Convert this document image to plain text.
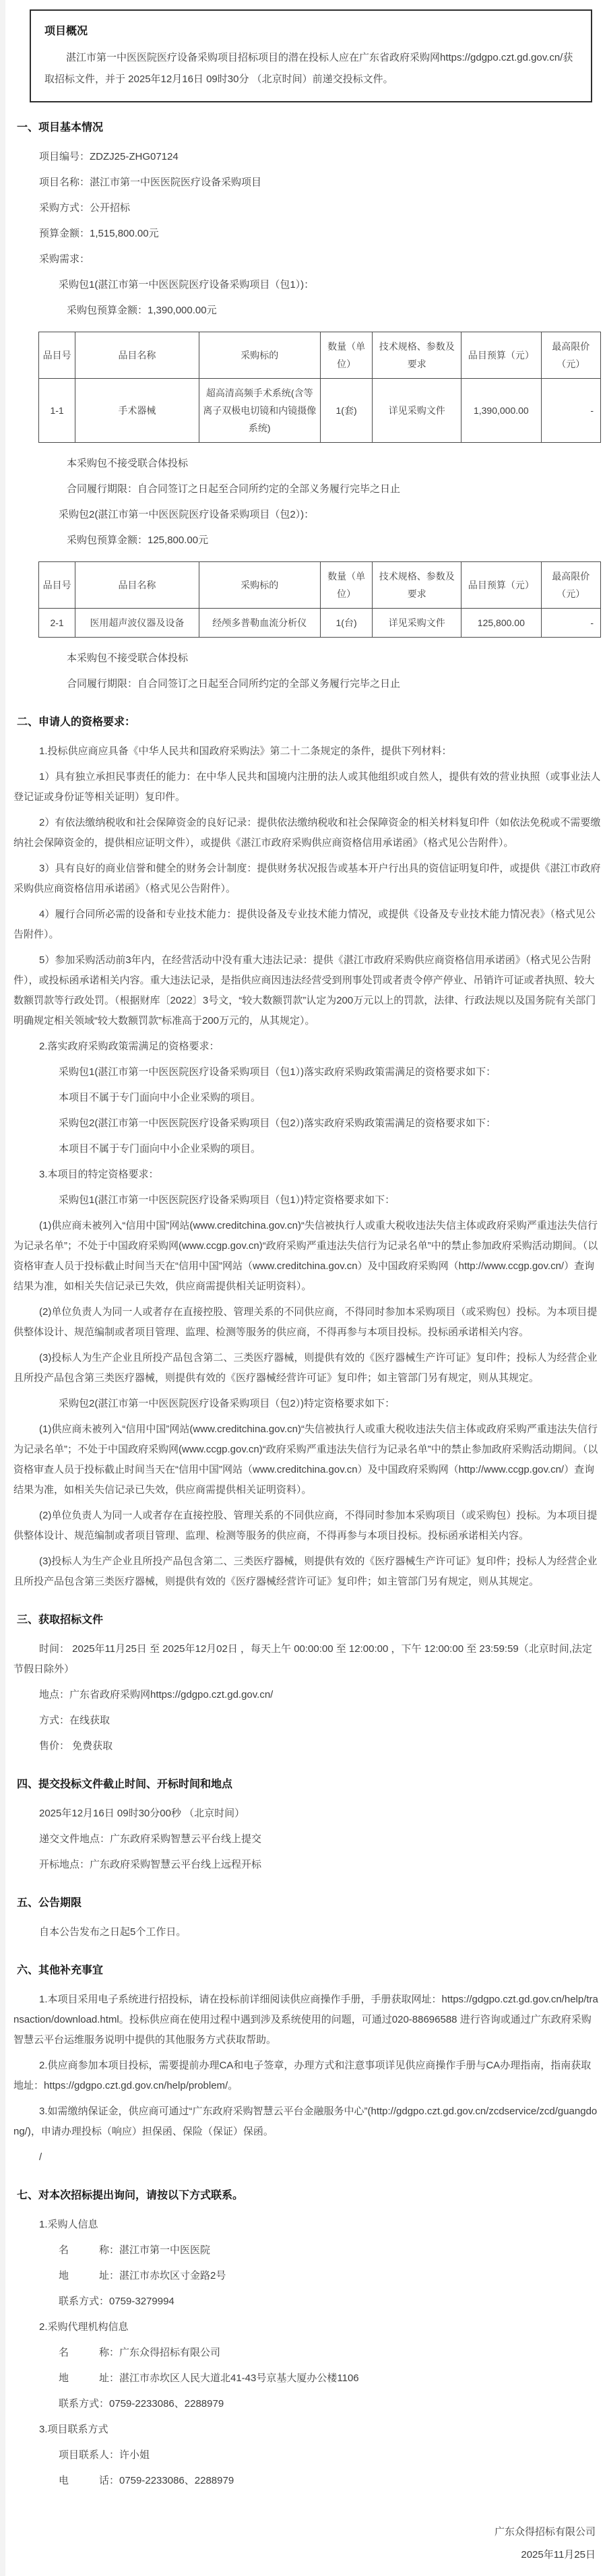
项目概况

湛江市第一中医医院医疗设备采购项目招标项目的潜在投标人应在广东省政府采购网https://gdgpo.czt.gd.gov.cn/获取招标文件，并于 2025年12月16日 09时30分 （北京时间）前递交投标文件。

一、项目基本情况

项目编号：ZDZJ25-ZHG07124

项目名称：湛江市第一中医医院医疗设备采购项目

采购方式：公开招标

预算金额：1,515,800.00元

采购需求：

采购包1(湛江市第一中医医院医疗设备采购项目（包1）)：

采购包预算金额：1,390,000.00元

品目号	品目名称	采购标的	数量（单位）	技术规格、参数及要求	品目预算（元）	最高限价（元）
1-1	手术器械	超高清高频手术系统(含等离子双极电切镜和内镜摄像系统)	1(套)	详见采购文件	1,390,000.00	-

本采购包不接受联合体投标

合同履行期限：自合同签订之日起至合同所约定的全部义务履行完毕之日止

采购包2(湛江市第一中医医院医疗设备采购项目（包2）)：

采购包预算金额：125,800.00元

品目号	品目名称	采购标的	数量（单位）	技术规格、参数及要求	品目预算（元）	最高限价（元）
2-1	医用超声波仪器及设备	经颅多普勒血流分析仪	1(台)	详见采购文件	125,800.00	-

本采购包不接受联合体投标

合同履行期限：自合同签订之日起至合同所约定的全部义务履行完毕之日止

二、申请人的资格要求：

1.投标供应商应具备《中华人民共和国政府采购法》第二十二条规定的条件，提供下列材料：

1）具有独立承担民事责任的能力：在中华人民共和国境内注册的法人或其他组织或自然人，提供有效的营业执照（或事业法人登记证或身份证等相关证明）复印件。

2）有依法缴纳税收和社会保障资金的良好记录：提供依法缴纳税收和社会保障资金的相关材料复印件（如依法免税或不需要缴纳社会保障资金的，提供相应证明文件），或提供《湛江市政府采购供应商资格信用承诺函》（格式见公告附件）。

3）具有良好的商业信誉和健全的财务会计制度：提供财务状况报告或基本开户行出具的资信证明复印件，或提供《湛江市政府采购供应商资格信用承诺函》（格式见公告附件）。

4）履行合同所必需的设备和专业技术能力：提供设备及专业技术能力情况，或提供《设备及专业技术能力情况表》（格式见公告附件）。

5）参加采购活动前3年内，在经营活动中没有重大违法记录：提供《湛江市政府采购供应商资格信用承诺函》（格式见公告附件），或投标函承诺相关内容。重大违法记录，是指供应商因违法经营受到刑事处罚或者责令停产停业、吊销许可证或者执照、较大数额罚款等行政处罚。（根据财库〔2022〕3号文，“较大数额罚款”认定为200万元以上的罚款，法律、行政法规以及国务院有关部门明确规定相关领域“较大数额罚款”标准高于200万元的，从其规定）。

2.落实政府采购政策需满足的资格要求：

采购包1(湛江市第一中医医院医疗设备采购项目（包1）)落实政府采购政策需满足的资格要求如下：

本项目不属于专门面向中小企业采购的项目。

采购包2(湛江市第一中医医院医疗设备采购项目（包2）)落实政府采购政策需满足的资格要求如下：

本项目不属于专门面向中小企业采购的项目。

3.本项目的特定资格要求：

采购包1(湛江市第一中医医院医疗设备采购项目（包1）)特定资格要求如下：

(1)供应商未被列入“信用中国”网站(www.creditchina.gov.cn)“失信被执行人或重大税收违法失信主体或政府采购严重违法失信行为记录名单”；不处于中国政府采购网(www.ccgp.gov.cn)“政府采购严重违法失信行为记录名单”中的禁止参加政府采购活动期间。（以资格审查人员于投标截止时间当天在“信用中国”网站（www.creditchina.gov.cn）及中国政府采购网（http://www.ccgp.gov.cn/）查询结果为准，如相关失信记录已失效，供应商需提供相关证明资料）。

(2)单位负责人为同一人或者存在直接控股、管理关系的不同供应商，不得同时参加本采购项目（或采购包）投标。为本项目提供整体设计、规范编制或者项目管理、监理、检测等服务的供应商，不得再参与本项目投标。投标函承诺相关内容。

(3)投标人为生产企业且所投产品包含第二、三类医疗器械，则提供有效的《医疗器械生产许可证》复印件；投标人为经营企业且所投产品包含第三类医疗器械，则提供有效的《医疗器械经营许可证》复印件；如主管部门另有规定，则从其规定。

采购包2(湛江市第一中医医院医疗设备采购项目（包2）)特定资格要求如下：

(1)供应商未被列入“信用中国”网站(www.creditchina.gov.cn)“失信被执行人或重大税收违法失信主体或政府采购严重违法失信行为记录名单”；不处于中国政府采购网(www.ccgp.gov.cn)“政府采购严重违法失信行为记录名单”中的禁止参加政府采购活动期间。（以资格审查人员于投标截止时间当天在“信用中国”网站（www.creditchina.gov.cn）及中国政府采购网（http://www.ccgp.gov.cn/）查询结果为准，如相关失信记录已失效，供应商需提供相关证明资料）。

(2)单位负责人为同一人或者存在直接控股、管理关系的不同供应商，不得同时参加本采购项目（或采购包）投标。为本项目提供整体设计、规范编制或者项目管理、监理、检测等服务的供应商，不得再参与本项目投标。投标函承诺相关内容。

(3)投标人为生产企业且所投产品包含第二、三类医疗器械，则提供有效的《医疗器械生产许可证》复印件；投标人为经营企业且所投产品包含第三类医疗器械，则提供有效的《医疗器械经营许可证》复印件；如主管部门另有规定，则从其规定。

三、获取招标文件

时间： 2025年11月25日 至 2025年12月02日 ，每天上午 00:00:00 至 12:00:00 ，下午 12:00:00 至 23:59:59（北京时间,法定节假日除外）

地点：广东省政府采购网https://gdgpo.czt.gd.gov.cn/

方式：在线获取

售价： 免费获取

四、提交投标文件截止时间、开标时间和地点

2025年12月16日 09时30分00秒 （北京时间）

递交文件地点：广东政府采购智慧云平台线上提交

开标地点：广东政府采购智慧云平台线上远程开标

五、公告期限

自本公告发布之日起5个工作日。

六、其他补充事宜

1.本项目采用电子系统进行招投标，请在投标前详细阅读供应商操作手册，手册获取网址：https://gdgpo.czt.gd.gov.cn/help/transaction/download.html。投标供应商在使用过程中遇到涉及系统使用的问题，可通过020-88696588 进行咨询或通过广东政府采购智慧云平台运维服务说明中提供的其他服务方式获取帮助。

2.供应商参加本项目投标，需要提前办理CA和电子签章，办理方式和注意事项详见供应商操作手册与CA办理指南，指南获取地址：https://gdgpo.czt.gd.gov.cn/help/problem/。

3.如需缴纳保证金，供应商可通过“广东政府采购智慧云平台金融服务中心”(http://gdgpo.czt.gd.gov.cn/zcdservice/zcd/guangdong/)，申请办理投标（响应）担保函、保险（保证）保函。

/

七、对本次招标提出询问，请按以下方式联系。

1.采购人信息

名　　　称：湛江市第一中医医院

地　　　址：湛江市赤坎区寸金路2号

联系方式：0759-3279994

2.采购代理机构信息

名　　　称：广东众得招标有限公司

地　　　址：湛江市赤坎区人民大道北41-43号京基大厦办公楼1106

联系方式：0759-2233086、2288979

3.项目联系方式

项目联系人：许小姐

电　　　话：0759-2233086、2288979

广东众得招标有限公司

2025年11月25日
